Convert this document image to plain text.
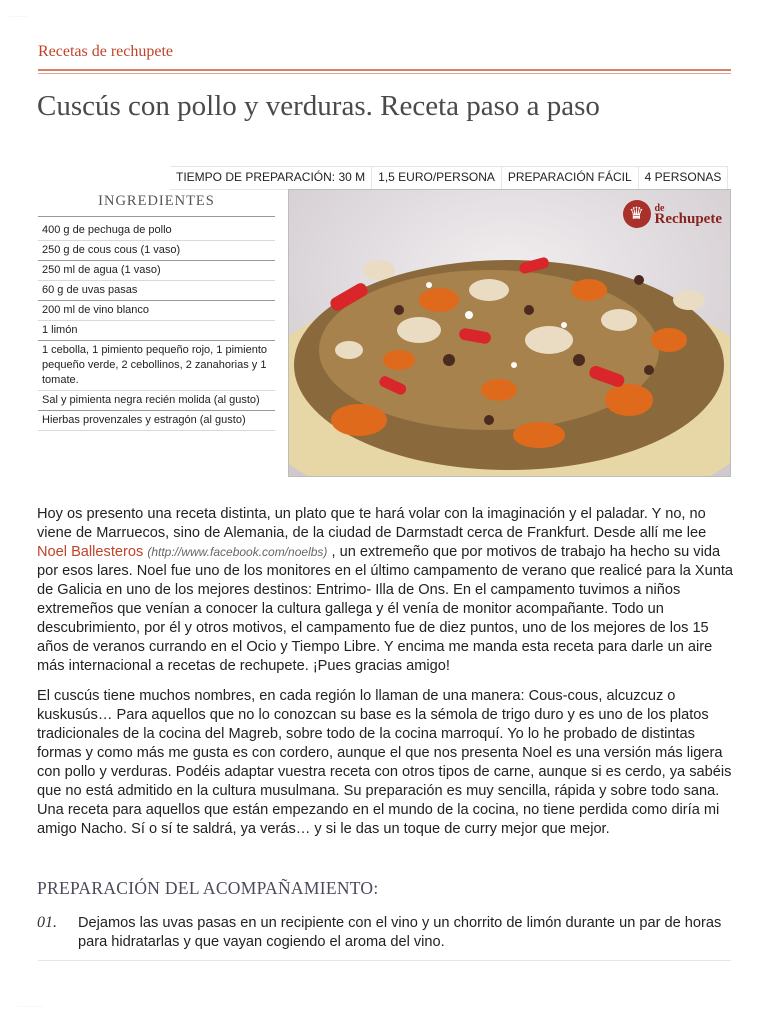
·····················
Recetas de rechupete
Cuscús con pollo y verduras. Receta paso a paso
TIEMPO DE PREPARACIÓN: 30 M	1,5 EURO/PERSONA	PREPARACIÓN FÁCIL	4 PERSONAS
INGREDIENTES
400 g de pechuga de pollo
250 g de cous cous (1 vaso)
250 ml de agua (1 vaso)
60 g de uvas pasas
200 ml de vino blanco
1 limón
1 cebolla, 1 pimiento pequeño rojo, 1 pimiento pequeño verde, 2 cebollinos, 2 zanahorias y 1 tomate.
Sal y pimienta negra recién molida (al gusto)
Hierbas provenzales y estragón (al gusto)
♛	de
Rechupete

Hoy os presento una receta distinta, un plato que te hará volar con la imaginación y el paladar. Y no, no viene de Marruecos, sino de Alemania, de la ciudad de Darmstadt cerca de Frankfurt. Desde allí me lee Noel Ballesteros (http://www.facebook.com/noelbs) , un extremeño que por motivos de trabajo ha hecho su vida por esos lares. Noel fue uno de los monitores en el último campamento de verano que realicé para la Xunta de Galicia en uno de los mejores destinos: Entrimo- Illa de Ons. En el campamento tuvimos a niños extremeños que venían a conocer la cultura gallega y él venía de monitor acompañante. Todo un descubrimiento, por él y otros motivos, el campamento fue de diez puntos, uno de los mejores de los 15 años de veranos currando en el Ocio y Tiempo Libre. Y encima me manda esta receta para darle un aire más internacional a recetas de rechupete. ¡Pues gracias amigo!

El cuscús tiene muchos nombres, en cada región lo llaman de una manera: Cous-cous, alcuzcuz o kuskusús… Para aquellos que no lo conozcan su base es la sémola de trigo duro y es uno de los platos tradicionales de la cocina del Magreb, sobre todo de la cocina marroquí. Yo lo he probado de distintas formas y como más me gusta es con cordero, aunque el que nos presenta Noel es una versión más ligera con pollo y verduras. Podéis adaptar vuestra receta con otros tipos de carne, aunque si es cerdo, ya sabéis que no está admitido en la cultura musulmana. Su preparación es muy sencilla, rápida y sobre todo sana. Una receta para aquellos que están empezando en el mundo de la cocina, no tiene perdida como diría mi amigo Nacho. Sí o sí te saldrá, ya verás… y si le das un toque de curry mejor que mejor.

PREPARACIÓN DEL ACOMPAÑAMIENTO:
01. Dejamos las uvas pasas en un recipiente con el vino y un chorrito de limón durante un par de horas para hidratarlas y que vayan cogiendo el aroma del vino.

··························	··
